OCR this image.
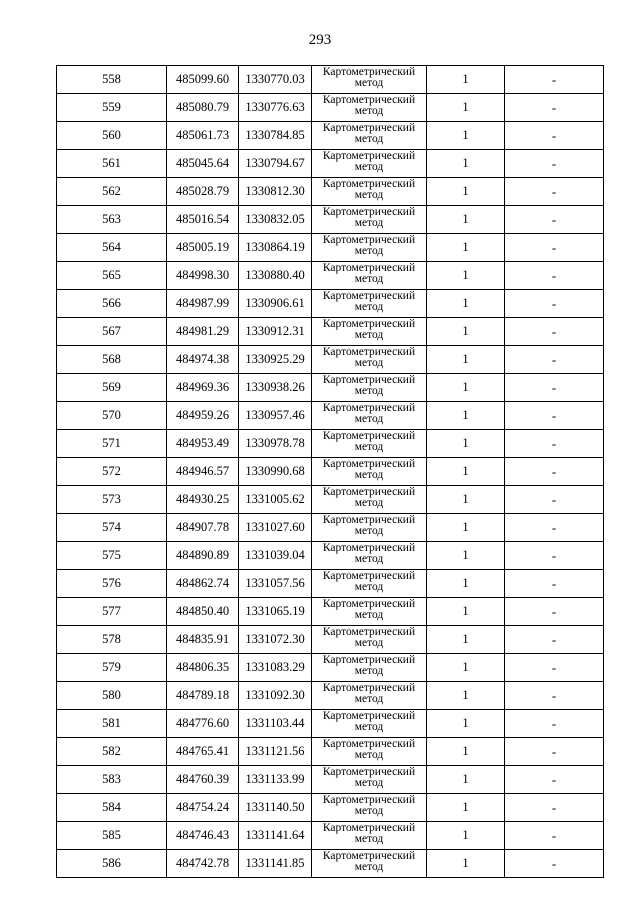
293
558	485099.60	1330770.03	Картометрический метод	1	-
559	485080.79	1330776.63	Картометрический метод	1	-
560	485061.73	1330784.85	Картометрический метод	1	-
561	485045.64	1330794.67	Картометрический метод	1	-
562	485028.79	1330812.30	Картометрический метод	1	-
563	485016.54	1330832.05	Картометрический метод	1	-
564	485005.19	1330864.19	Картометрический метод	1	-
565	484998.30	1330880.40	Картометрический метод	1	-
566	484987.99	1330906.61	Картометрический метод	1	-
567	484981.29	1330912.31	Картометрический метод	1	-
568	484974.38	1330925.29	Картометрический метод	1	-
569	484969.36	1330938.26	Картометрический метод	1	-
570	484959.26	1330957.46	Картометрический метод	1	-
571	484953.49	1330978.78	Картометрический метод	1	-
572	484946.57	1330990.68	Картометрический метод	1	-
573	484930.25	1331005.62	Картометрический метод	1	-
574	484907.78	1331027.60	Картометрический метод	1	-
575	484890.89	1331039.04	Картометрический метод	1	-
576	484862.74	1331057.56	Картометрический метод	1	-
577	484850.40	1331065.19	Картометрический метод	1	-
578	484835.91	1331072.30	Картометрический метод	1	-
579	484806.35	1331083.29	Картометрический метод	1	-
580	484789.18	1331092.30	Картометрический метод	1	-
581	484776.60	1331103.44	Картометрический метод	1	-
582	484765.41	1331121.56	Картометрический метод	1	-
583	484760.39	1331133.99	Картометрический метод	1	-
584	484754.24	1331140.50	Картометрический метод	1	-
585	484746.43	1331141.64	Картометрический метод	1	-
586	484742.78	1331141.85	Картометрический метод	1	-
